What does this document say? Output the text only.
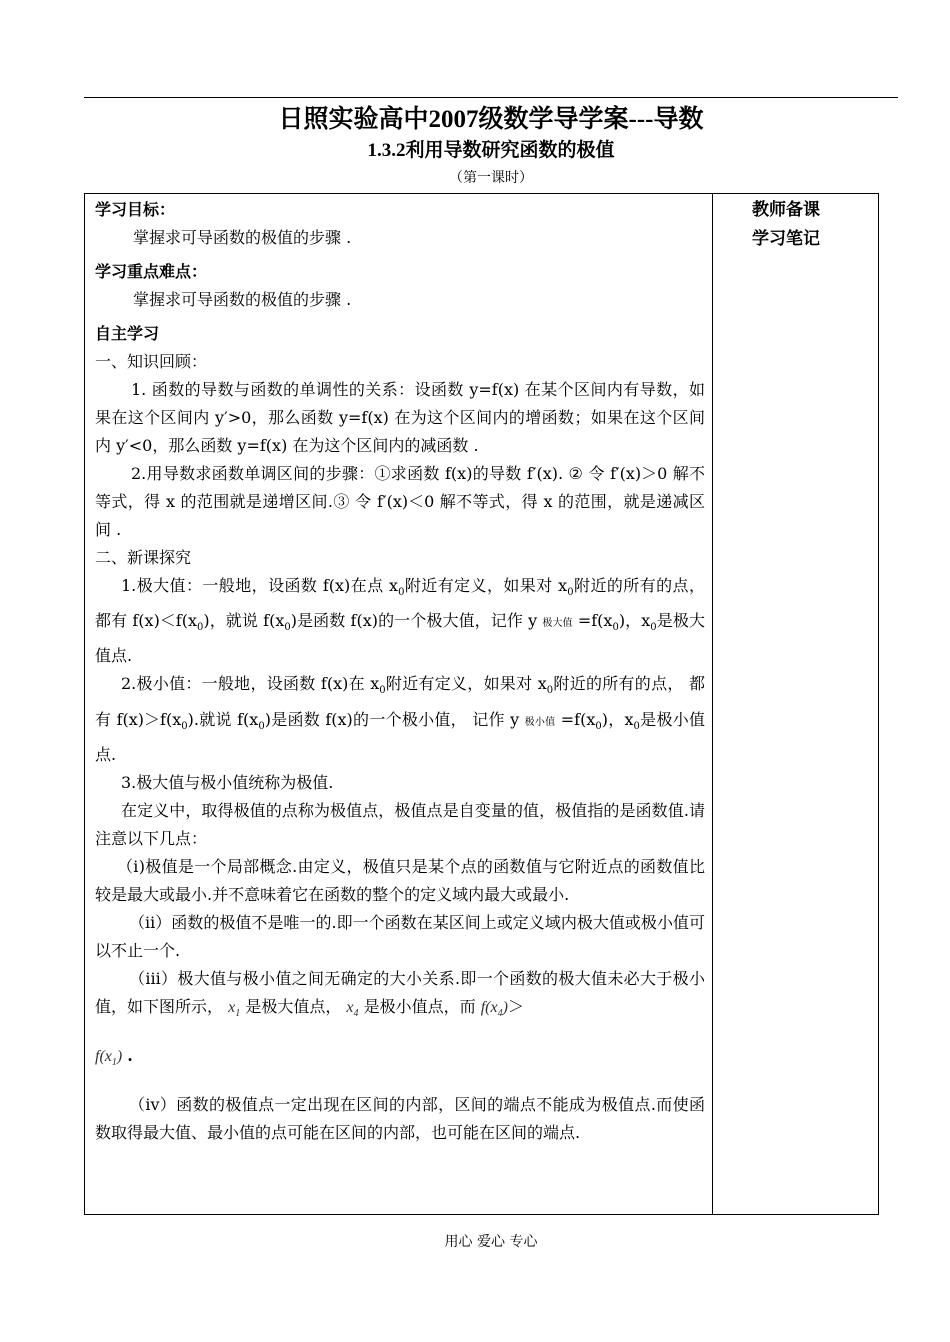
日照实验高中2007级数学导学案---导数
1.3.2利用导数研究函数的极值
（第一课时）
教师备课
学习笔记
学习目标：

掌握求可导函数的极值的步骤 .

学习重点难点：

掌握求可导函数的极值的步骤 .

自主学习

一、知识回顾：

1. 函数的导数与函数的单调性的关系：设函数 y=f(x) 在某个区间内有导数，如果在这个区间内 y′>0，那么函数 y=f(x) 在为这个区间内的增函数；如果在这个区间内 y′<0，那么函数 y=f(x) 在为这个区间内的减函数 .

2.用导数求函数单调区间的步骤：①求函数 f(x)的导数 f′(x). ② 令 f′(x)＞0 解不等式，得 x 的范围就是递增区间.③ 令 f′(x)＜0 解不等式，得 x 的范围，就是递减区间 .

二、新课探究

1.极大值：一般地，设函数 f(x)在点 $x_0$附近有定义，如果对 $x_0$附近的所有的点，都有 $f(x)<f(x_0)$，就说 $f(x_0)$是函数 f(x)的一个极大值，记作 y 极大值 $=f(x_0)$，$x_0$是极大值点.

2.极小值：一般地，设函数 f(x)在 $x_0$附近有定义，如果对 $x_0$附近的所有的点， 都有 $f(x)>f(x_0)$.就说 $f(x_0)$是函数 f(x)的一个极小值， 记作 y 极小值 $=f(x_0)$，$x_0$是极小值点.

3.极大值与极小值统称为极值.

在定义中，取得极值的点称为极值点，极值点是自变量的值，极值指的是函数值.请注意以下几点：

（ⅰ)极值是一个局部概念.由定义，极值只是某个点的函数值与它附近点的函数值比较是最大或最小.并不意味着它在函数的整个的定义域内最大或最小.

（ⅱ）函数的极值不是唯一的.即一个函数在某区间上或定义域内极大值或极小值可以不止一个.

（ⅲ）极大值与极小值之间无确定的大小关系.即一个函数的极大值未必大于极小值，如下图所示， $x_1$ 是极大值点， $x_4$ 是极小值点，而 $f(x_4)>$

$f(x_1)$ .

（ⅳ）函数的极值点一定出现在区间的内部，区间的端点不能成为极值点.而使函数取得最大值、最小值的点可能在区间的内部，也可能在区间的端点.

用心 爱心 专心
